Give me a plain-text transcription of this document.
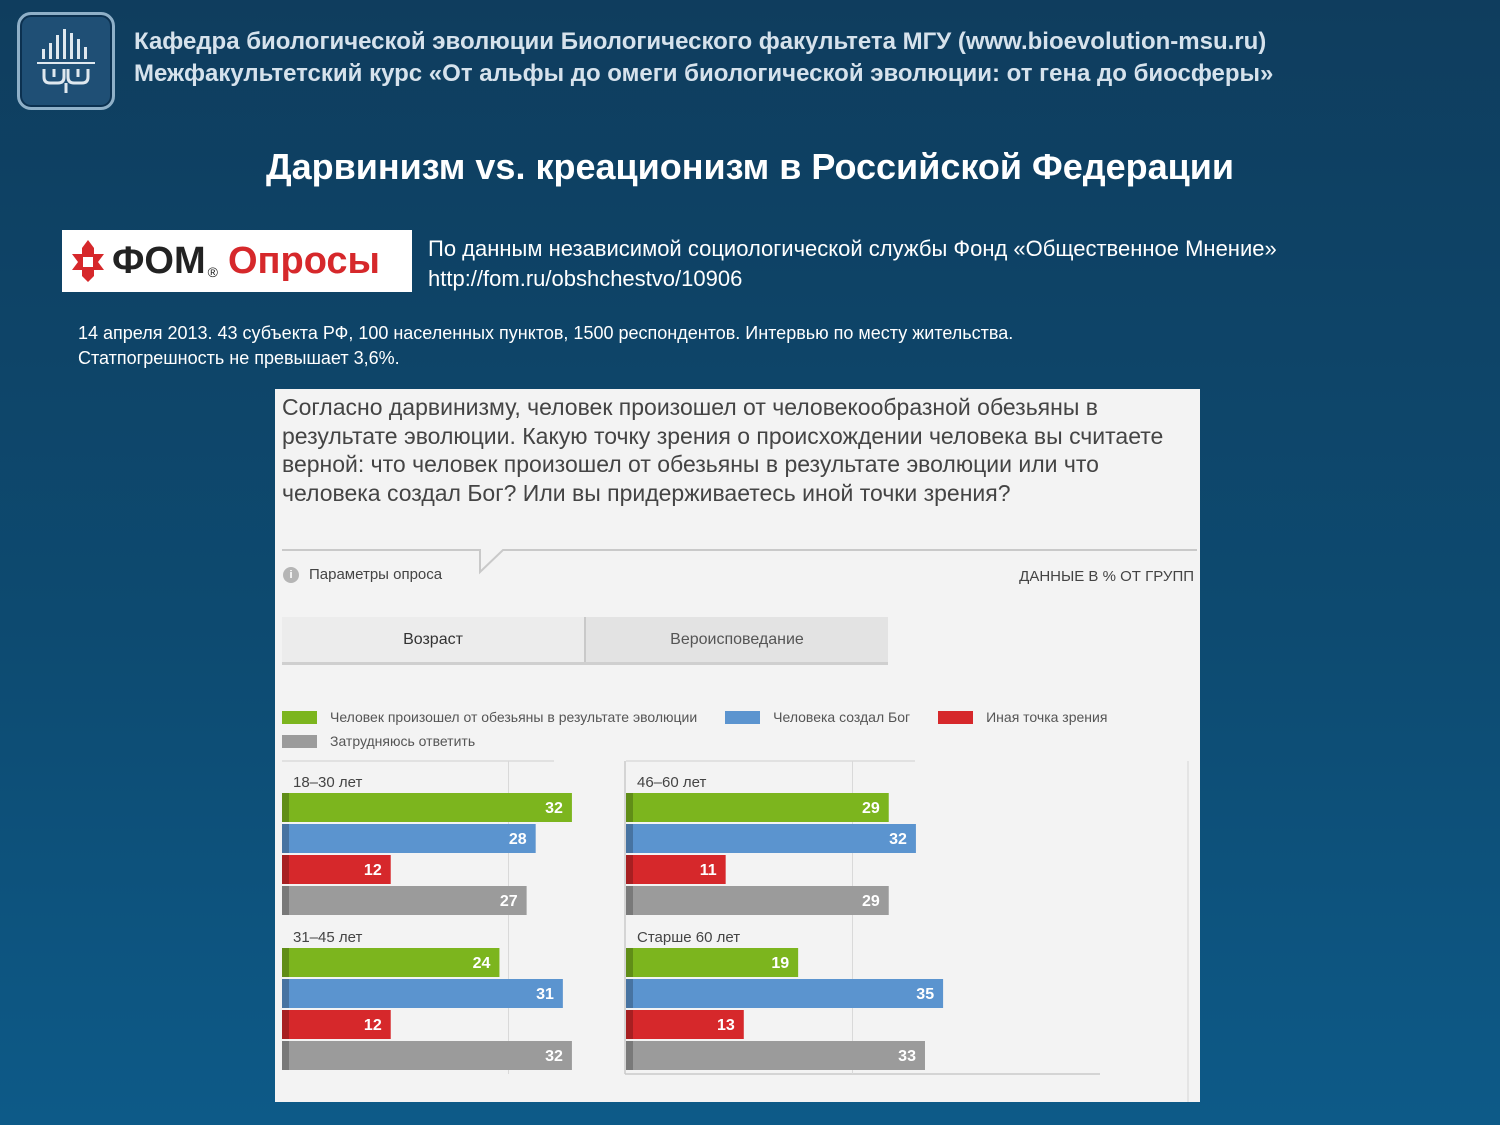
Кафедра биологической эволюции Биологического факультета МГУ (www.bioevolution-msu.ru)
Межфакультетский курс «От альфы до омеги биологической эволюции: от гена до биосферы»
Дарвинизм vs. креационизм в Российской Федерации
ФОМ ® Опросы По данным независимой социологической службы Фонд «Общественное Мнение»
http://fom.ru/obshchestvo/10906
14 апреля 2013. 43 субъекта РФ, 100 населенных пунктов, 1500 респондентов. Интервью по месту жительства.
Статпогрешность не превышает 3,6%.
Согласно дарвинизму, человек произошел от человекообразной обезьяны в результате эволюции. Какую точку зрения о происхождении человека вы считаете верной: что человек произошел от обезьяны в результате эволюции или что человека создал Бог? Или вы придерживаетесь иной точки зрения?
i	Параметры опроса	ДАННЫЕ В % ОТ ГРУПП
Возраст	Вероисповедание
Человек произошел от обезьяны в результате эволюции	Человека создал Бог	Иная точка зрения
Затрудняюсь ответить
18–30 лет
32
28
12
27
31–45 лет
24
31
12
32
46–60 лет
29
32
11
29
Старше 60 лет
19
35
13
33
